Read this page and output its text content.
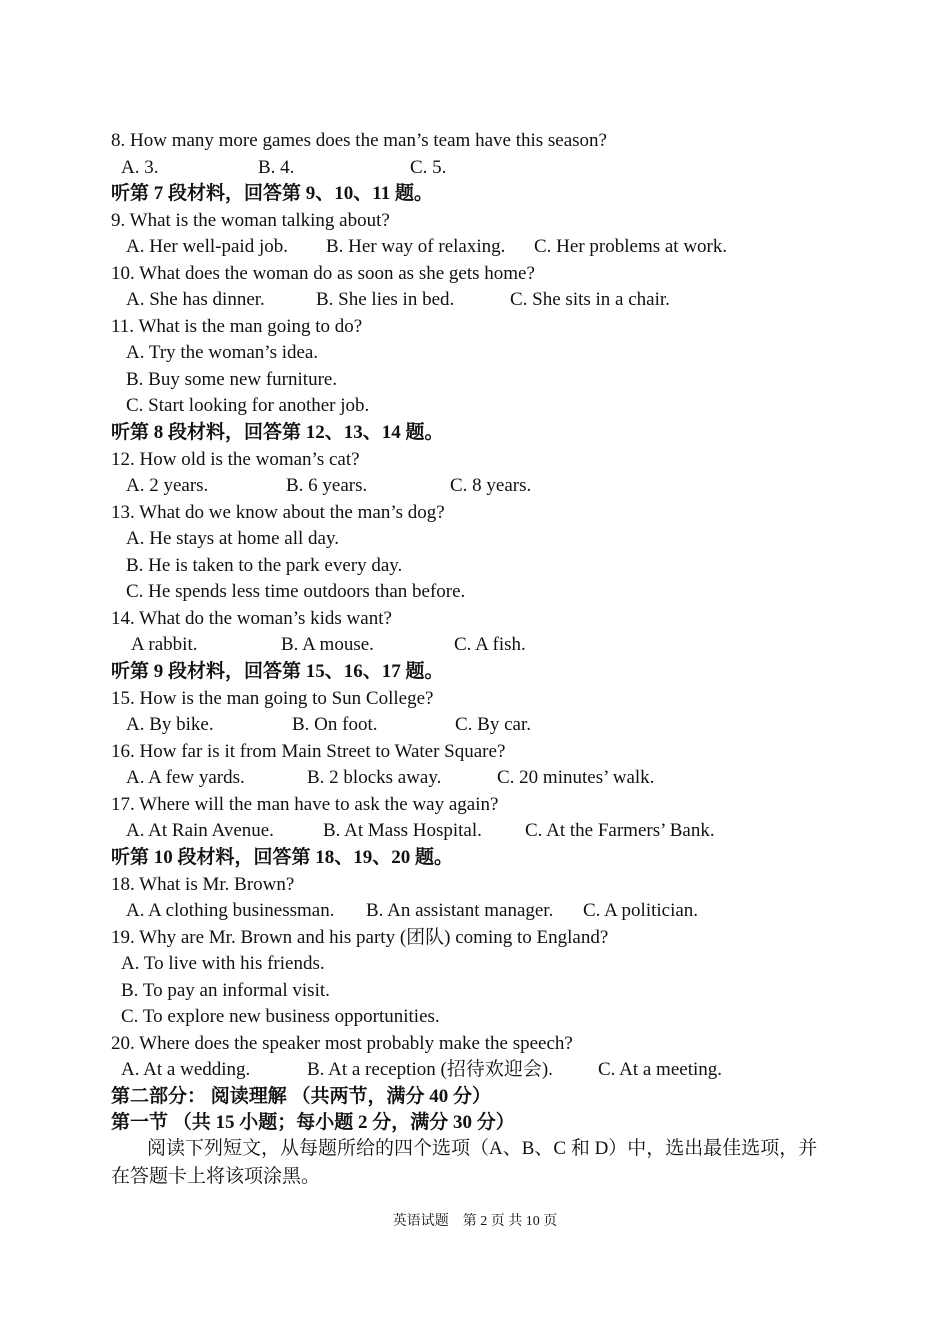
8. How many more games does the man’s team have this season?
A. 3.	B. 4.	C. 5.
听第 7 段材料，回答第 9、10、11 题。
9. What is the woman talking about?
A. Her well-paid job. B. Her way of relaxing. C. Her problems at work.
10. What does the woman do as soon as she gets home?
A. She has dinner.	B. She lies in bed.	C. She sits in a chair.
11. What is the man going to do?
A. Try the woman’s idea.
B. Buy some new furniture.
C. Start looking for another job.
听第 8 段材料，回答第 12、13、14 题。
12. How old is the woman’s cat?
A. 2 years.	B. 6 years.	C. 8 years.
13. What do we know about the man’s dog?
A. He stays at home all day.
B. He is taken to the park every day.
C. He spends less time outdoors than before.
14. What do the woman’s kids want?
A rabbit.	B. A mouse.	C. A fish.
听第 9 段材料，回答第 15、16、17 题。
15. How is the man going to Sun College?
A. By bike.	B. On foot.	C. By car.
16. How far is it from Main Street to Water Square?
A. A few yards.	B. 2 blocks away.	C. 20 minutes’ walk.
17. Where will the man have to ask the way again?
A. At Rain Avenue.	B. At Mass Hospital. C. At the Farmers’ Bank.
听第 10 段材料，回答第 18、19、20 题。
18. What is Mr. Brown?
A. A clothing businessman. B. An assistant manager. C. A politician.
19. Why are Mr. Brown and his party (团队) coming to England?
A. To live with his friends.
B. To pay an informal visit.
C. To explore new business opportunities.
20. Where does the speaker most probably make the speech?
A. At a wedding.	B. At a reception (招待欢迎会). C. At a meeting.
第二部分： 阅读理解 （共两节，满分 40 分）
第一节 （共 15 小题；每小题 2 分，满分 30 分）
阅读下列短文，从每题所给的四个选项（A、B、C 和 D）中，选出最佳选项，并在答题卡上将该项涂黑。
英语试题　第 2 页 共 10 页
